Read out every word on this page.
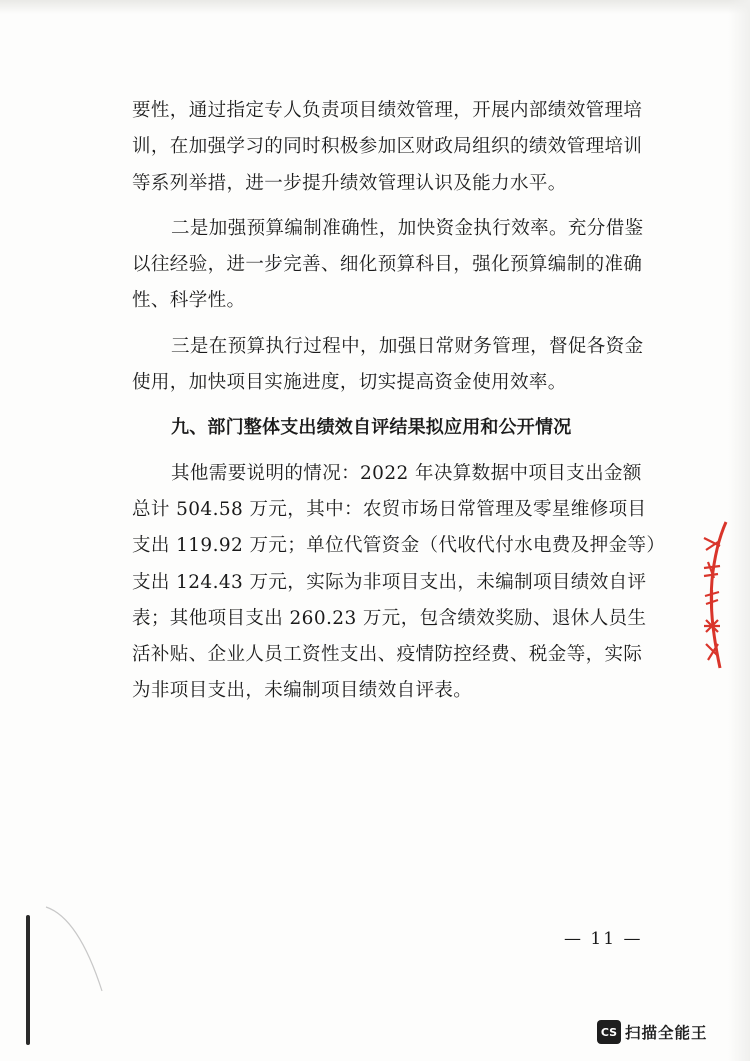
要性，通过指定专人负责项目绩效管理，开展内部绩效管理培
训，在加强学习的同时积极参加区财政局组织的绩效管理培训
等系列举措，进一步提升绩效管理认识及能力水平。
二是加强预算编制准确性，加快资金执行效率。充分借鉴
以往经验，进一步完善、细化预算科目，强化预算编制的准确
性、科学性。
三是在预算执行过程中，加强日常财务管理，督促各资金
使用，加快项目实施进度，切实提高资金使用效率。
九、部门整体支出绩效自评结果拟应用和公开情况
其他需要说明的情况：2022 年决算数据中项目支出金额
总计 504.58 万元，其中：农贸市场日常管理及零星维修项目
支出 119.92 万元；单位代管资金（代收代付水电费及押金等）
支出 124.43 万元，实际为非项目支出，未编制项目绩效自评
表；其他项目支出 260.23 万元，包含绩效奖励、退休人员生
活补贴、企业人员工资性支出、疫情防控经费、税金等，实际
为非项目支出，未编制项目绩效自评表。
— 11 —
CS 扫描全能王
